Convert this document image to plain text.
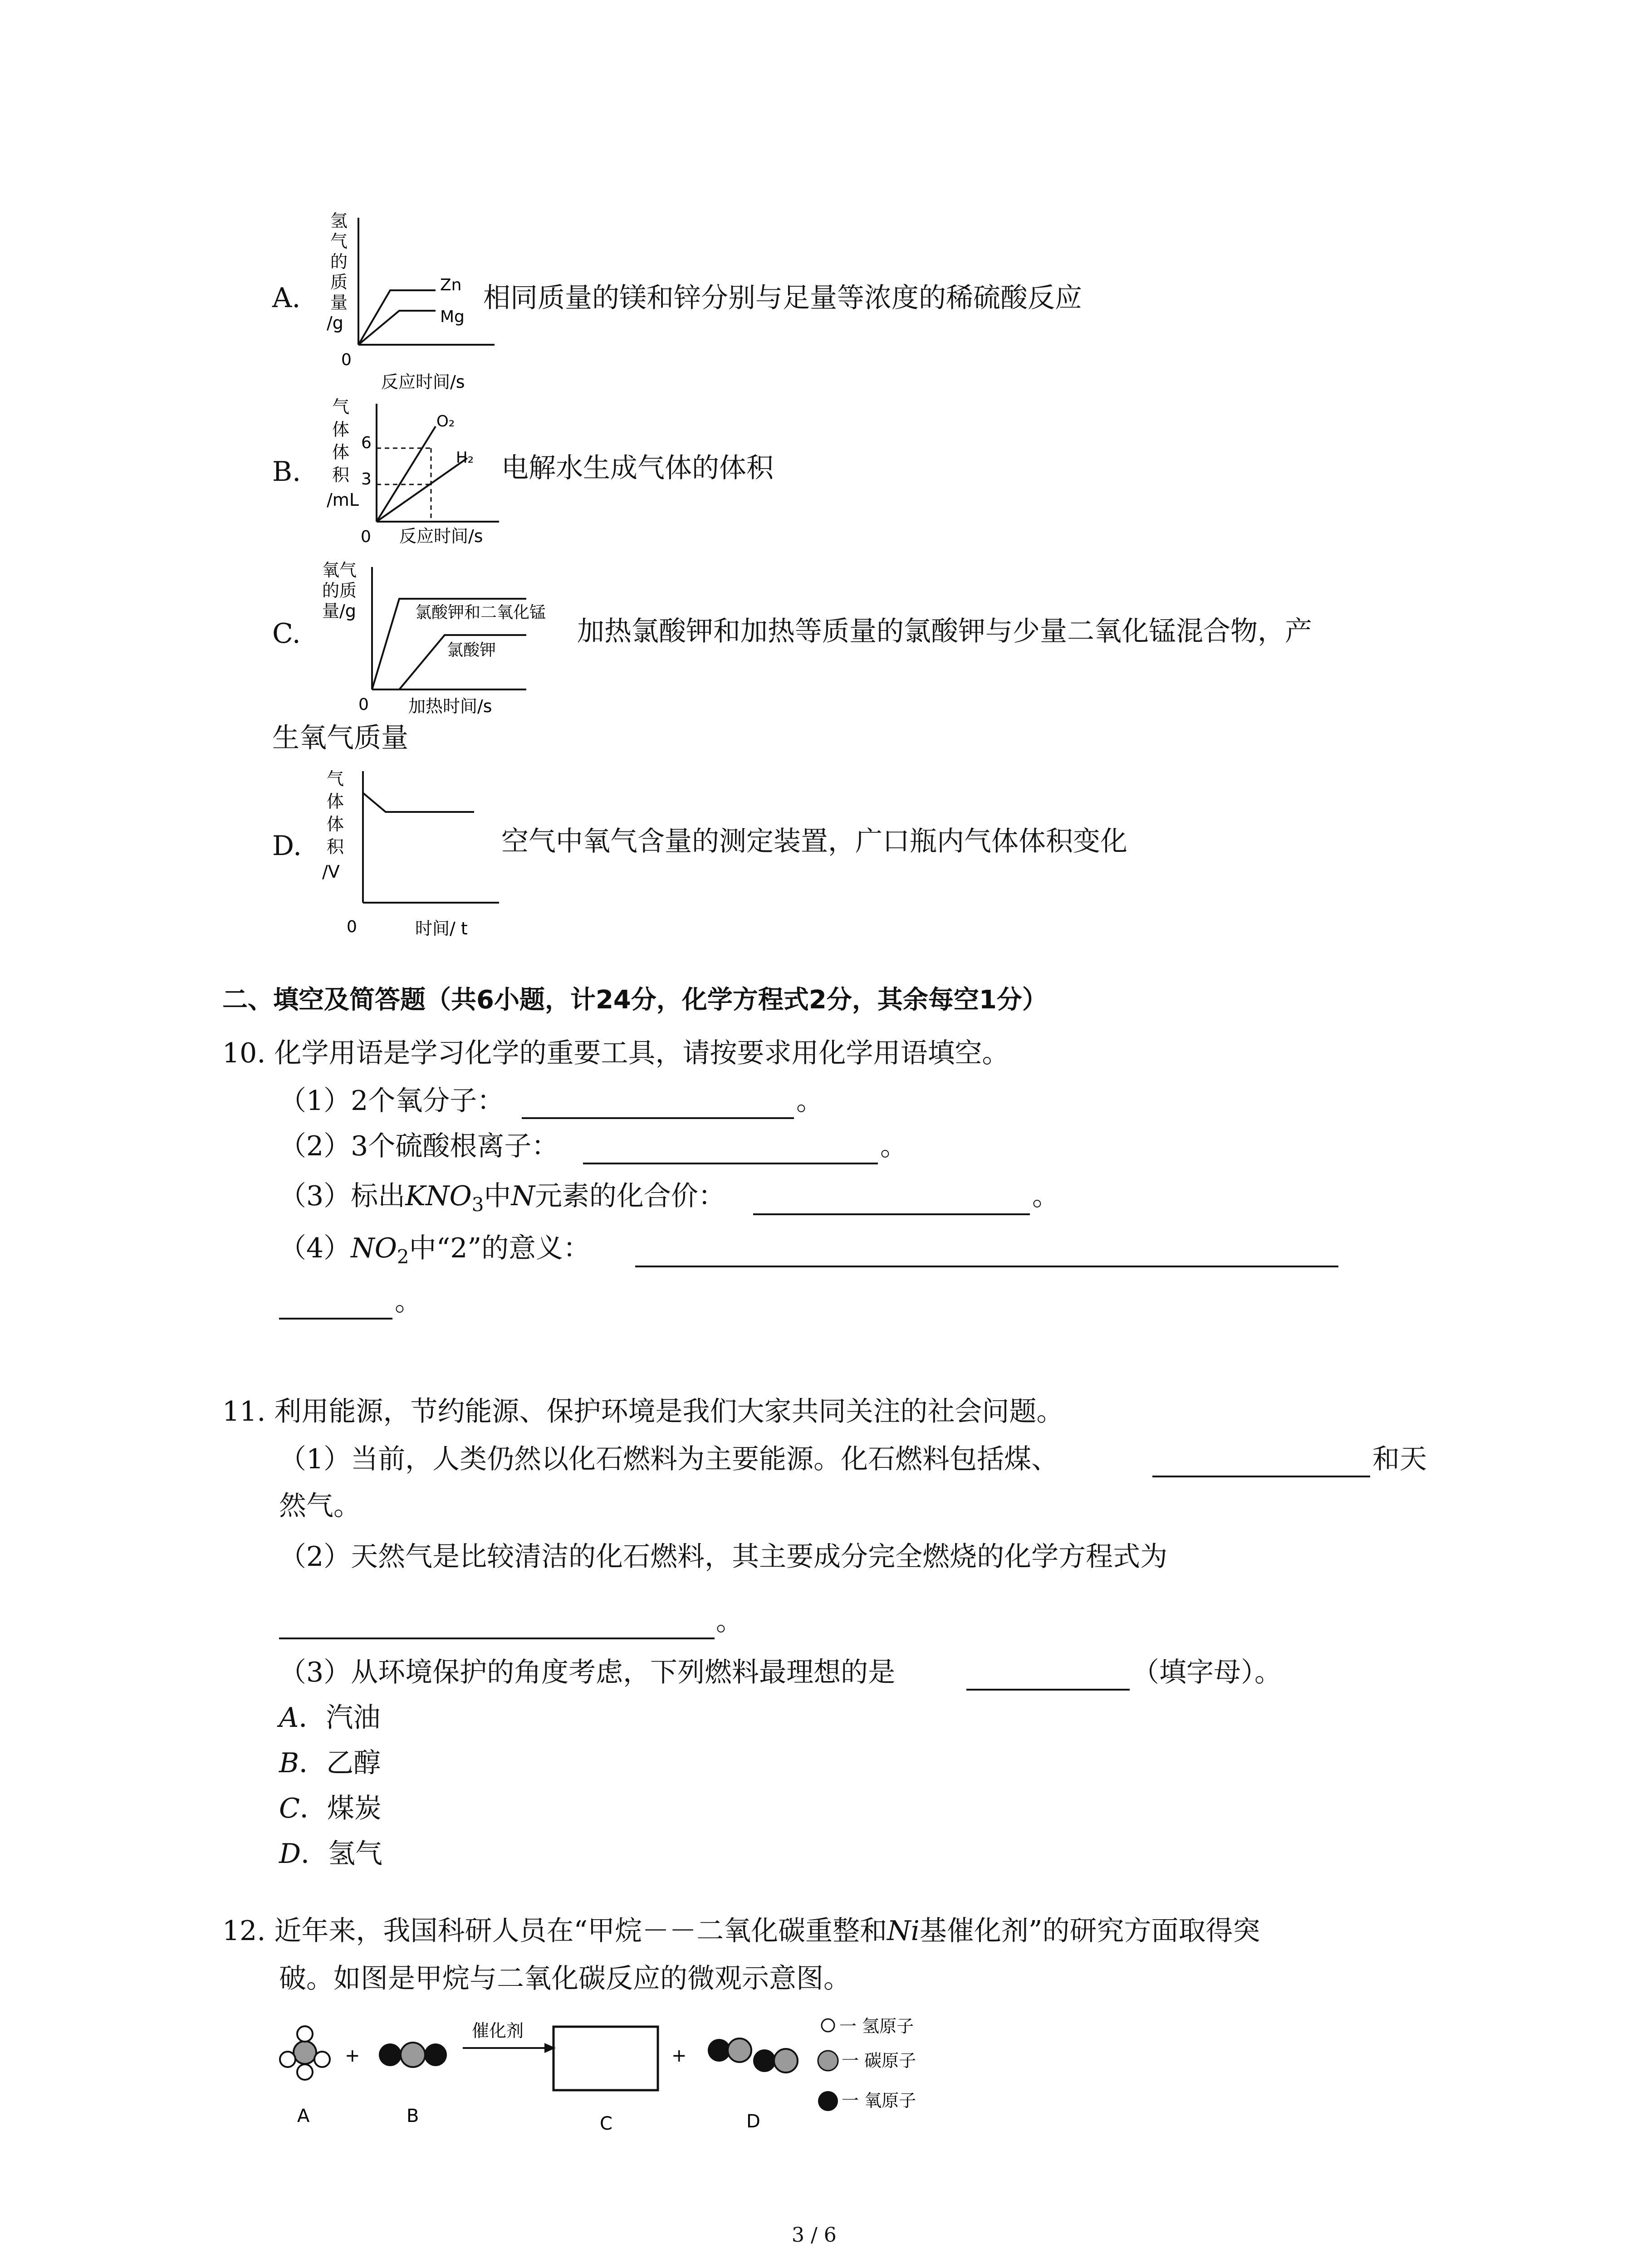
A.
氢
气
的
质
量
/g
0
反应时间/s
Zn
Mg
相同质量的镁和锌分别与足量等浓度的稀硫酸反应
B.
气
体
体
积
/mL
3
6
O₂
H₂
0 反应时间/s
电解水生成气体的体积
C.
氧气
的质
量/g	氯酸钾和二氧化锰
氯酸钾
0 加热时间/s
加热氯酸钾和加热等质量的氯酸钾与少量二氧化锰混合物，产
生氧气质量
D.
气
体
体
积
/V
0	时间/ t
空气中氧气含量的测定装置，广口瓶内气体体积变化
二、填空及简答题（共6小题，计24分，化学方程式2分，其余每空1分）
10. 化学用语是学习化学的重要工具，请按要求用化学用语填空。
（1）2个氧分子：	。
（2）3个硫酸根离子：	。
（3）标出$KNO_3$中N元素的化合价：	。
$(4)NO_2$中“2”的意义：
。
11. 利用能源，节约能源、保护环境是我们大家共同关注的社会问题。
（1）当前，人类仍然以化石燃料为主要能源。化石燃料包括煤、	和天
然气。
（2）天然气是比较清洁的化石燃料，其主要成分完全燃烧的化学方程式为
。
（3）从环境保护的角度考虑，下列燃料最理想的是	（填字母）。
A．汽油
B．乙醇
C．煤炭
D．氢气
12. 近年来，我国科研人员在“甲烷－－二氧化碳重整和Ni基催化剂”的研究方面取得突
破。如图是甲烷与二氧化碳反应的微观示意图。
A
+
B
催化剂
C
+
D
一 氢原子
一 碳原子
一 氧原子
3 / 6
